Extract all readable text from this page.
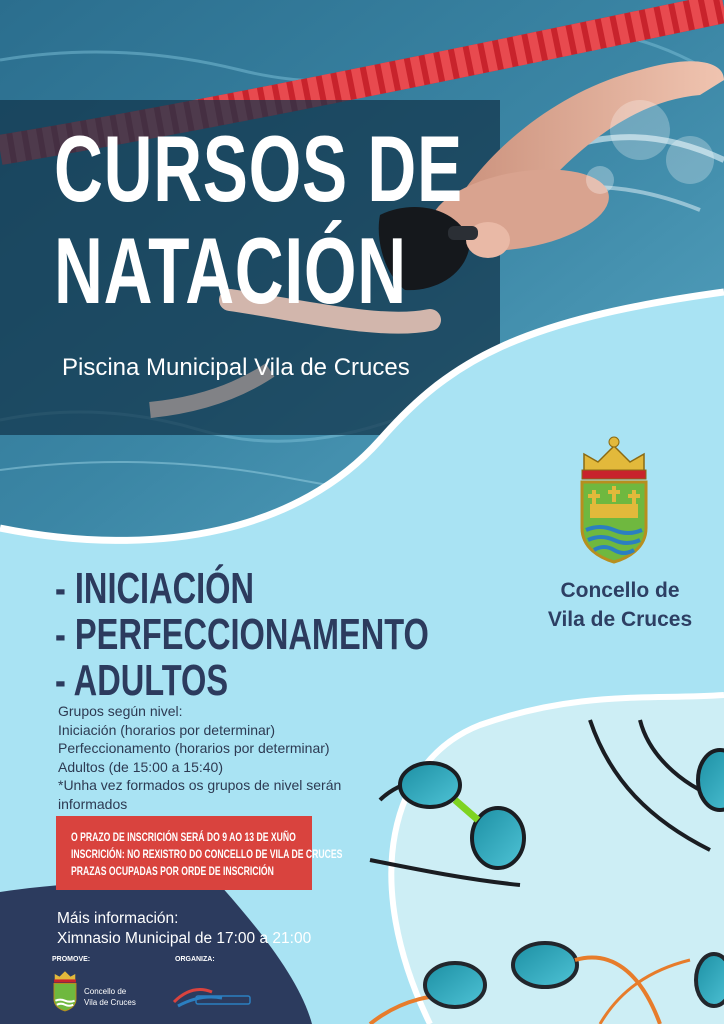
CURSOS DE
NATACIÓN

Piscina Municipal Vila de Cruces

Concello de
Vila de Cruces
- INICIACIÓN
- PERFECCIONAMENTO
- ADULTOS
Grupos según nivel:
Iniciación (horarios por determinar)
Perfeccionamento (horarios por determinar)
Adultos (de 15:00 a 15:40)
*Unha vez formados os grupos de nivel serán
informados
O PRAZO DE INSCRICIÓN SERÁ DO 9 AO 13 DE XUÑO
INSCRICIÓN: NO REXISTRO DO CONCELLO DE VILA DE CRUCES
PRAZAS OCUPADAS POR ORDE DE INSCRICIÓN
Máis información:
Ximnasio Municipal de 17:00 a 21:00
PROMOVE:	ORGANIZA:
Concello de
Vila de Cruces
